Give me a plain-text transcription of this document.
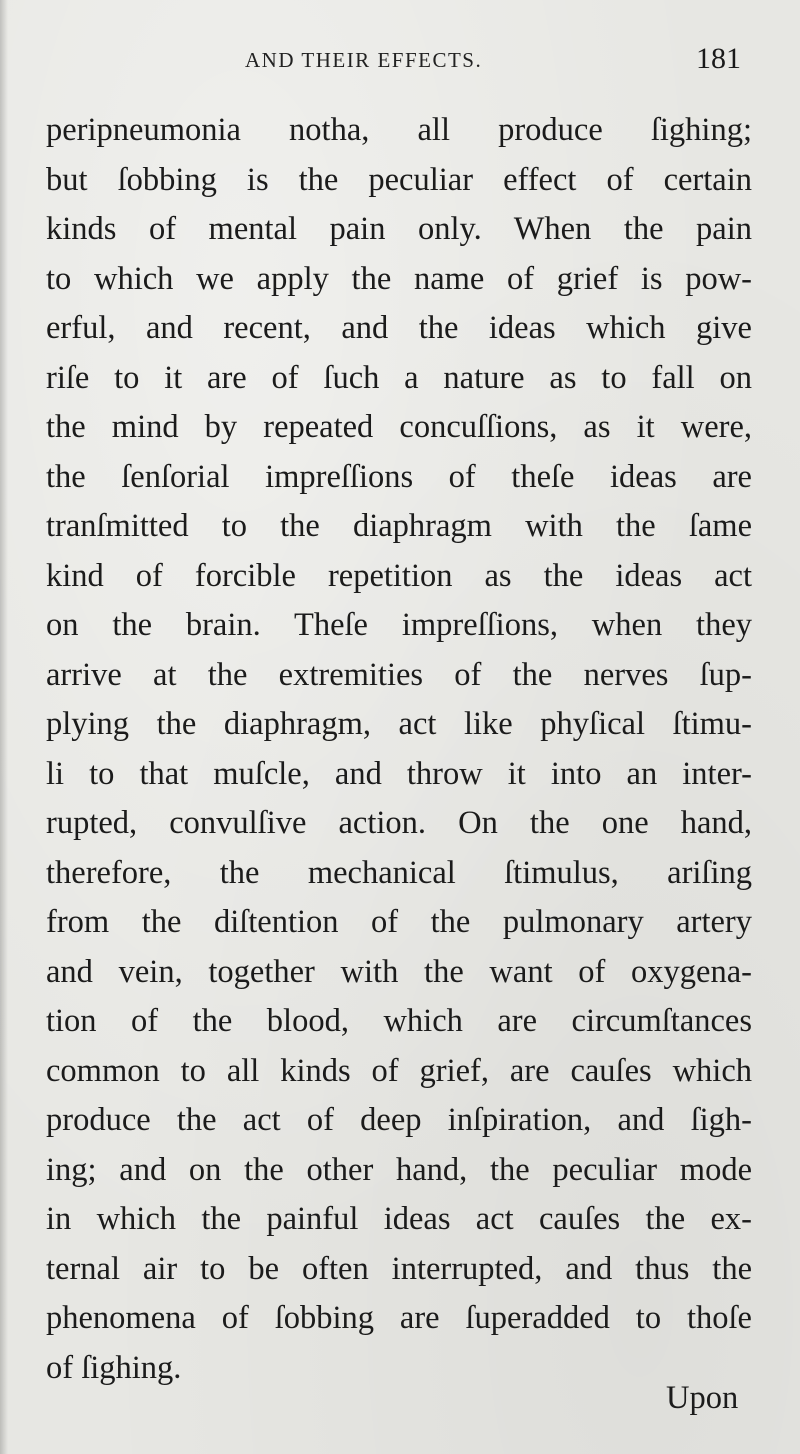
AND THEIR EFFECTS.	181
peripneumonia notha, all produce ſighing;
but ſobbing is the peculiar effect of certain
kinds of mental pain only. When the pain
to which we apply the name of grief is pow-
erful, and recent, and the ideas which give
riſe to it are of ſuch a nature as to fall on
the mind by repeated concuſſions, as it were,
the ſenſorial impreſſions of theſe ideas are
tranſmitted to the diaphragm with the ſame
kind of forcible repetition as the ideas act
on the brain. Theſe impreſſions, when they
arrive at the extremities of the nerves ſup-
plying the diaphragm, act like phyſical ſtimu-
li to that muſcle, and throw it into an inter-
rupted, convulſive action. On the one hand,
therefore, the mechanical ſtimulus, ariſing
from the diſtention of the pulmonary artery
and vein, together with the want of oxygena-
tion of the blood, which are circumſtances
common to all kinds of grief, are cauſes which
produce the act of deep inſpiration, and ſigh-
ing; and on the other hand, the peculiar mode
in which the painful ideas act cauſes the ex-
ternal air to be often interrupted, and thus the
phenomena of ſobbing are ſuperadded to thoſe
of ſighing.
Upon
